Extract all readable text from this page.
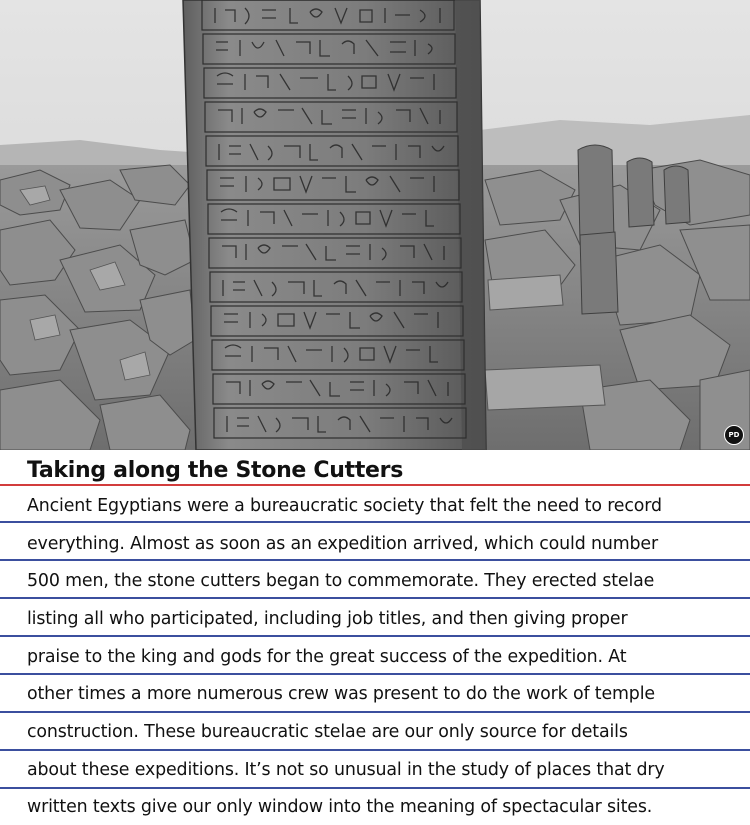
PD
Taking along the Stone Cutters

Ancient Egyptians were a bureaucratic society that felt the need to record

everything. Almost as soon as an expedition arrived, which could number

500 men, the stone cutters began to commemorate. They erected stelae

listing all who participated, including job titles, and then giving proper

praise to the king and gods for the great success of the expedition. At

other times a more numerous crew was present to do the work of temple

construction. These bureaucratic stelae are our only source for details

about these expeditions. It’s not so unusual in the study of places that dry

written texts give our only window into the meaning of spectacular sites.
